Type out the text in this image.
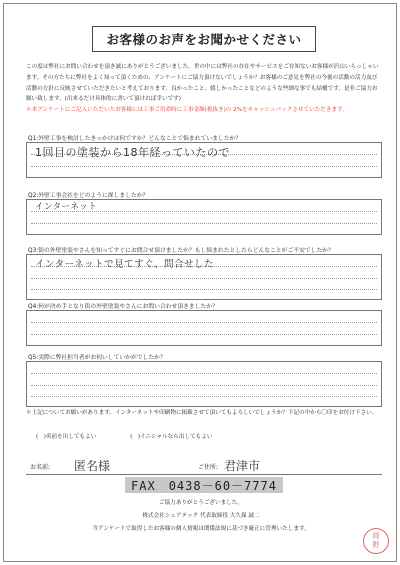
お客様のお声をお聞かせください
この度は弊社にお問い合わせを頂き誠にありがとうございました。世の中には弊社の存在やサービスをご存知ないお客様が沢山いらっしゃいます。その方たちに弊社をよく知って頂くための、アンケートにご協力頂けないでしょうか？お客様のご意見を弊社の今後の活動の活力及び活動の方針に反映させていただきたいと考えております。良かったこと、嬉しかったことなどのような些細な事でも結構です。是非ご協力お願い致します。(出来るだけ具体的に書いて頂ければ幸いです)
＊本アンケートにご記入いただいたお客様には工事ご用命時に工事金額(税抜き)の 2%をキャッシュバックさせていただきます。
Q1:外壁工事を検討したきっかけは何ですか？どんなことで悩まれていましたか？
1回目の塗装から18年経っていたので
Q2:外壁工事会社をどのように探しましたか？
インターネット
Q3:街の外壁塗装やさんを知ってすぐにお問合せ頂けましたか？もし悩まれたとしたらどんなことがご不安でしたか？
インターネットで見てすぐ、問合せした
Q4:何が決め手となり街の外壁塗装やさんにお問い合わせ頂きましたか？
Q5:実際に弊社担当者がお伺いしていかがでしたか？
＊上記についてお願いがあります。インターネットや印刷物に掲載させて頂いてもよろしいでしょうか？下記の中から〇印をお付け下さい。
(　)名前を出してもよい	(　)イニシャルなら出してもよい
お名前: 匿名様	ご住所: 君津市
FAX　0438－60－7774
ご協力ありがとうございました。
株式会社シェアテック 代表取締役 大久保 誠二
当アンケートで取得したお客様の個人情報は関係法規に基づき厳正に管理いたします。
岡
野
